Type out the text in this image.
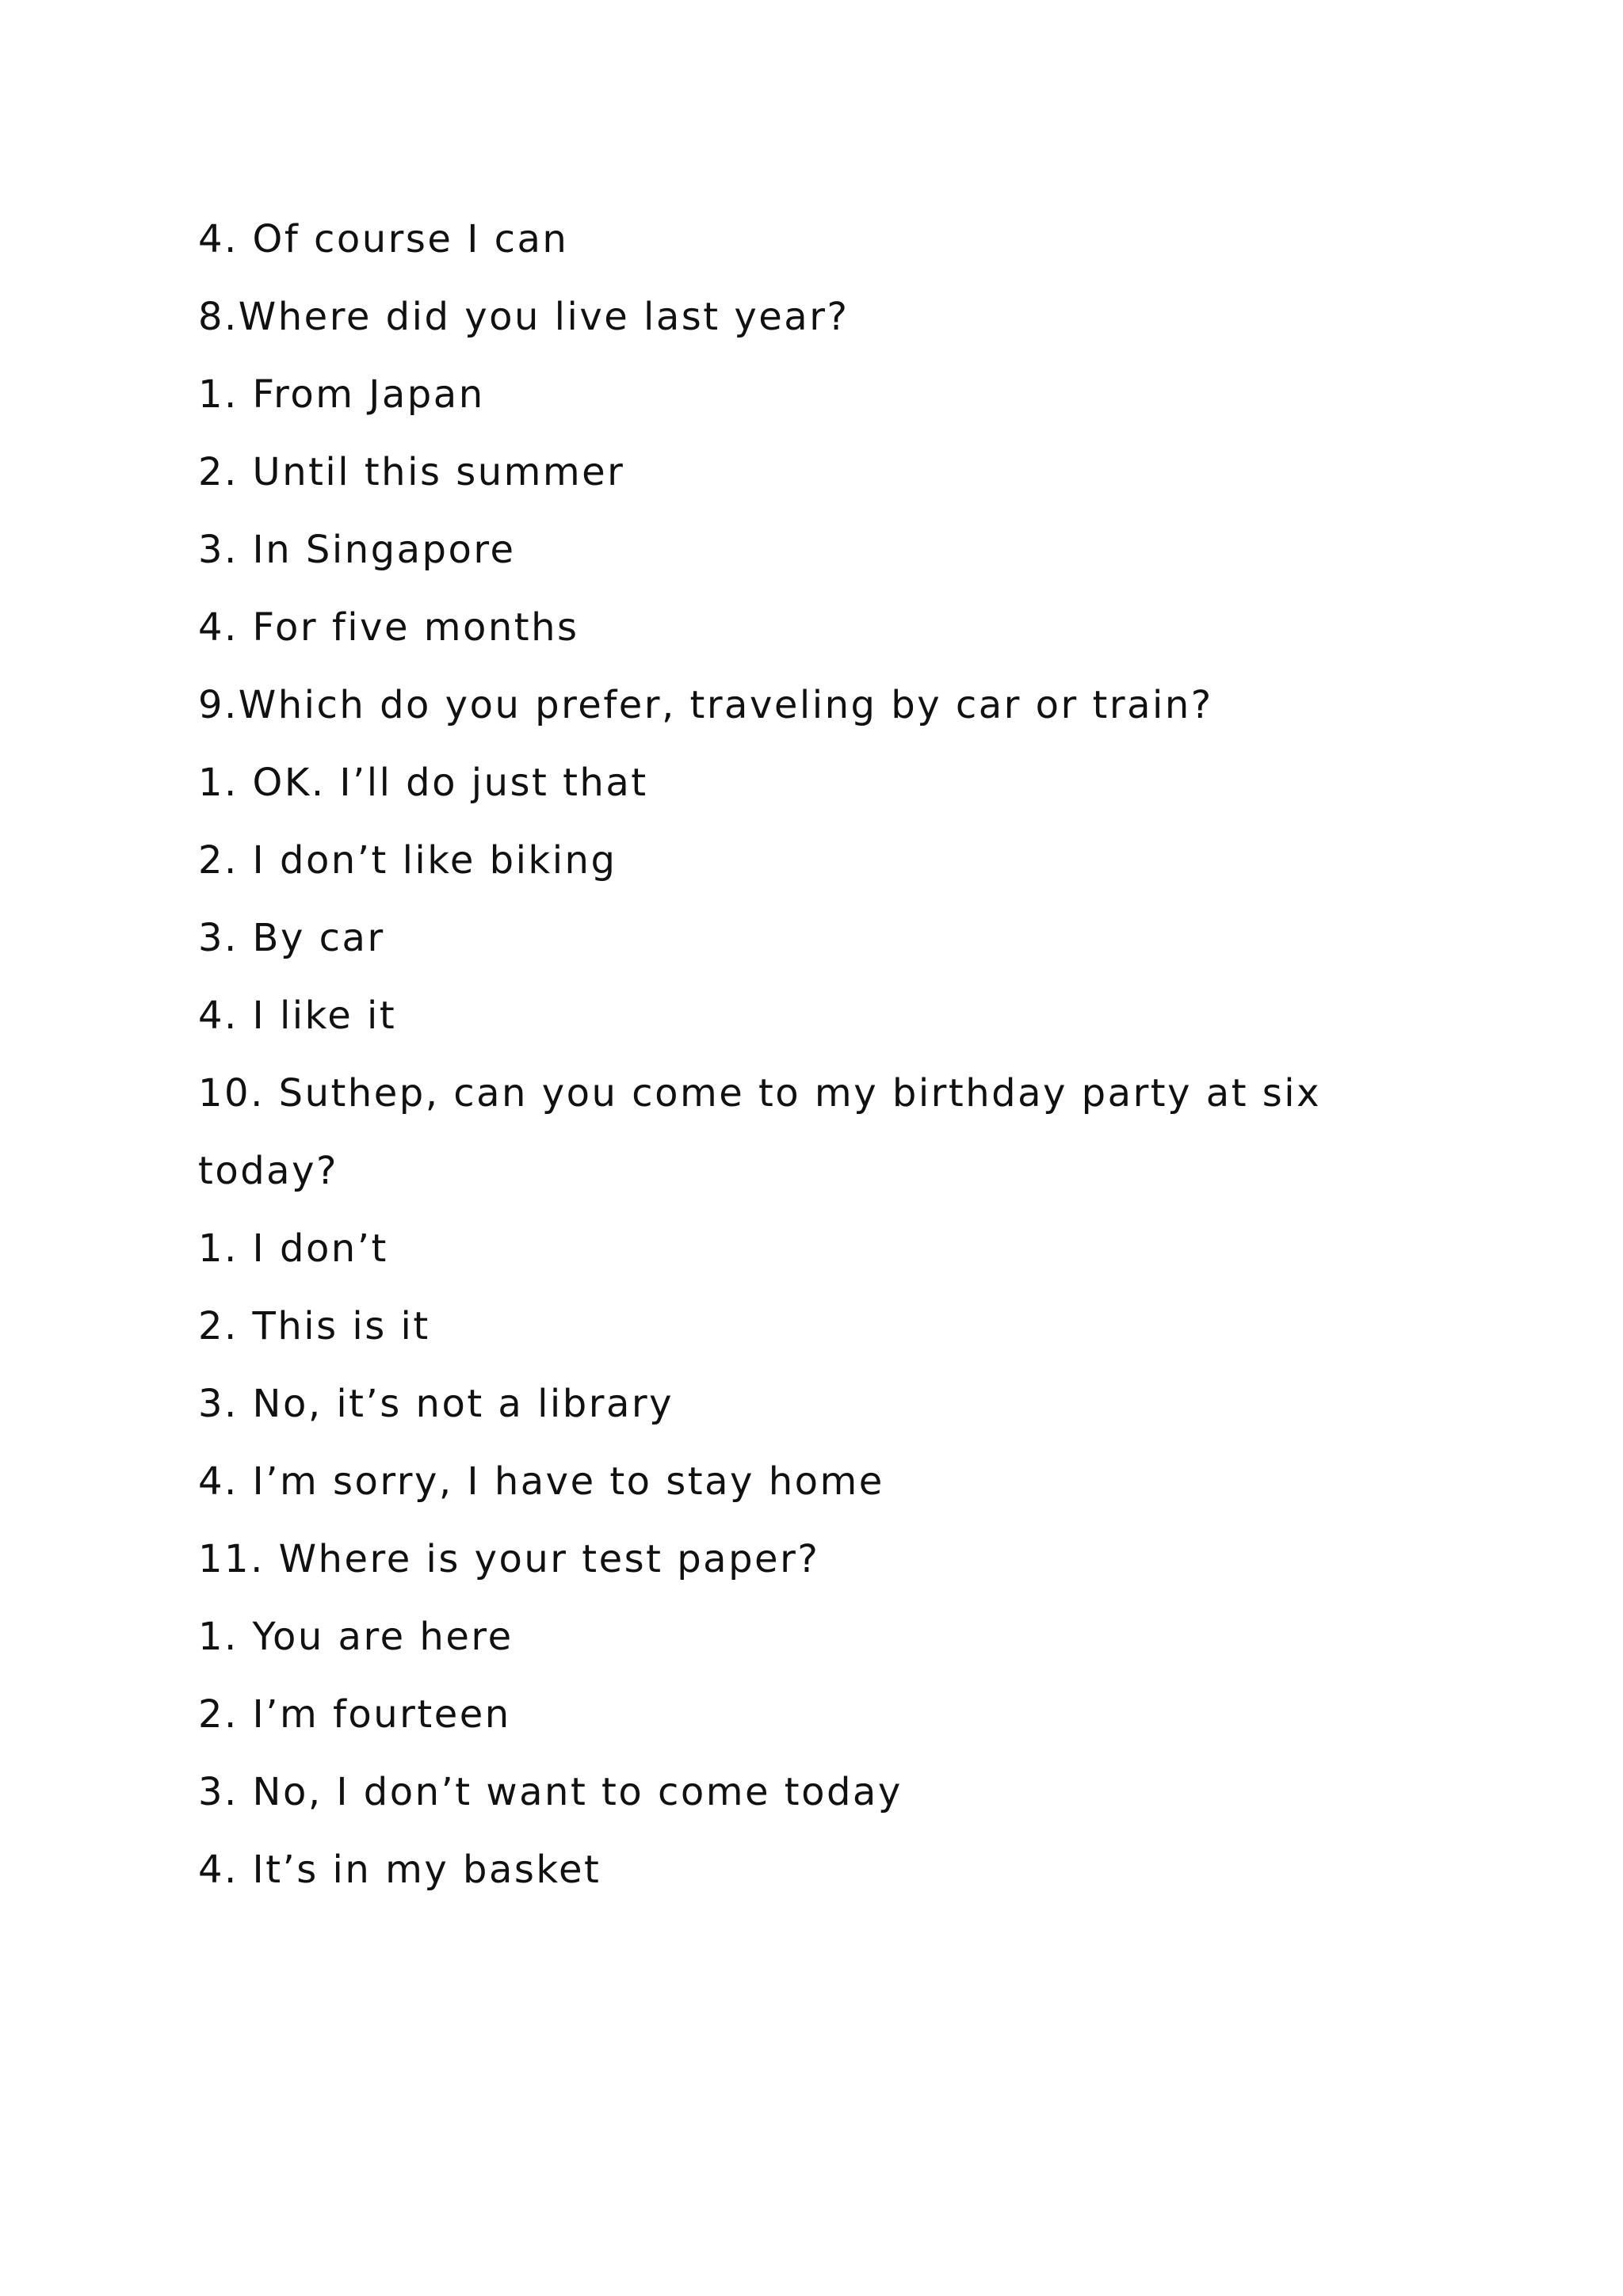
4. Of course I can
8.Where did you live last year?
1. From Japan
2. Until this summer
3. In Singapore
4. For five months
9.Which do you prefer, traveling by car or train?
1. OK. I’ll do just that
2. I don’t like biking
3. By car
4. I like it
10. Suthep, can you come to my birthday party at six
today?
1. I don’t
2. This is it
3. No, it’s not a library
4. I’m sorry, I have to stay home
11. Where is your test paper?
1. You are here
2. I’m fourteen
3. No, I don’t want to come today
4. It’s in my basket
